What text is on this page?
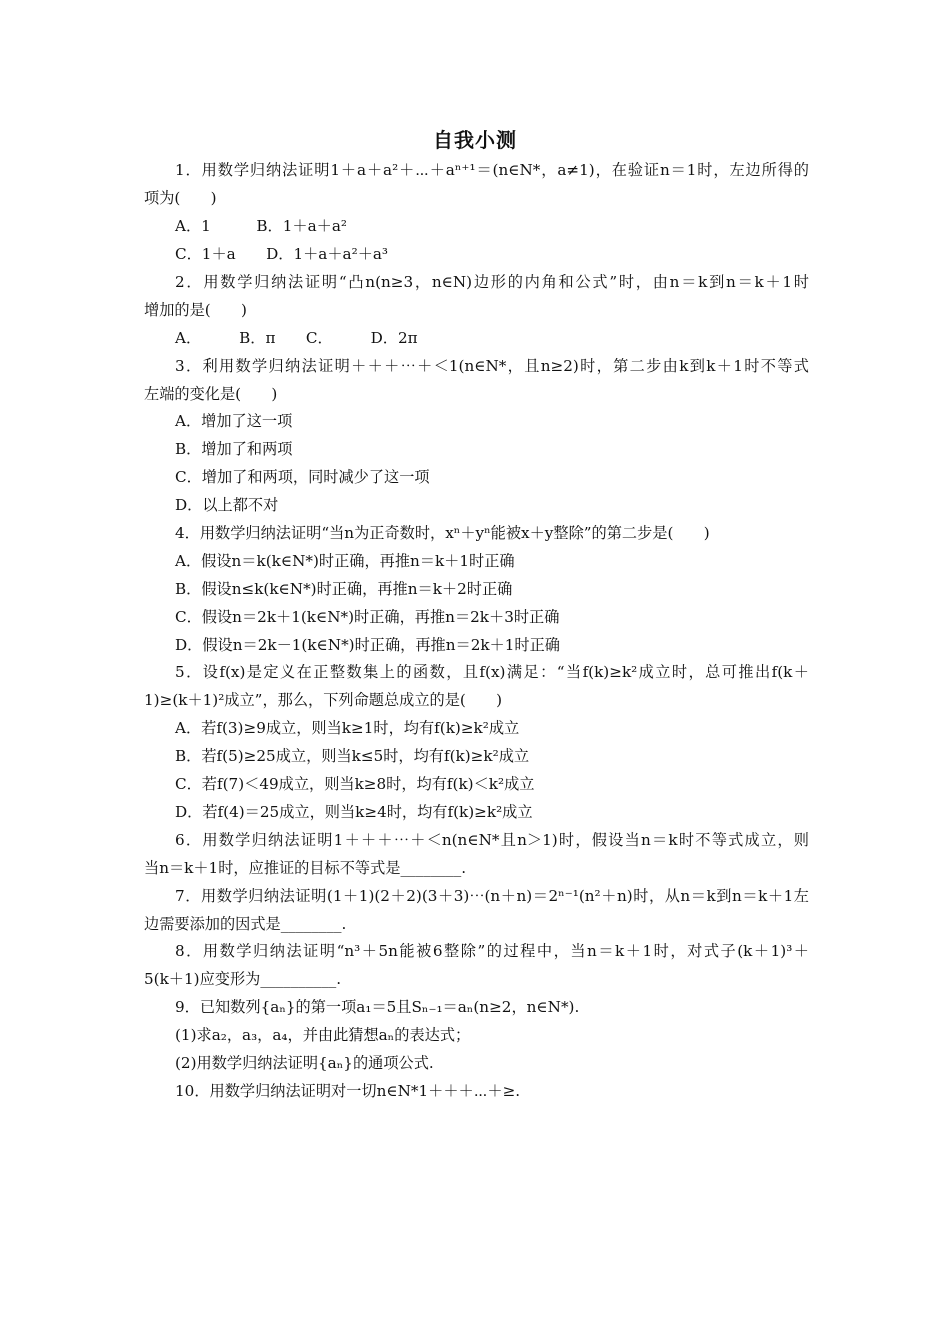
自我小测
1．用数学归纳法证明1＋a＋a²＋⋯＋aⁿ⁺¹＝(n∈N*，a≠1)，在验证n＝1时，左边所得的
项为(　　)
A．1　　　B．1＋a＋a²
C．1＋a　　D．1＋a＋a²＋a³
2．用数学归纳法证明“凸n(n≥3，n∈N)边形的内角和公式”时，由n＝k到n＝k＋1时
增加的是(　　)
A．　　　B．π　　C．　　　D．2π
3．利用数学归纳法证明＋＋＋⋯＋＜1(n∈N*，且n≥2)时，第二步由k到k＋1时不等式
左端的变化是(　　)
A．增加了这一项
B．增加了和两项
C．增加了和两项，同时减少了这一项
D．以上都不对
4．用数学归纳法证明“当n为正奇数时，xⁿ＋yⁿ能被x＋y整除”的第二步是(　　)
A．假设n＝k(k∈N*)时正确，再推n＝k＋1时正确
B．假设n≤k(k∈N*)时正确，再推n＝k＋2时正确
C．假设n＝2k＋1(k∈N*)时正确，再推n＝2k＋3时正确
D．假设n＝2k－1(k∈N*)时正确，再推n＝2k＋1时正确
5．设f(x)是定义在正整数集上的函数，且f(x)满足：“当f(k)≥k²成立时，总可推出f(k＋
1)≥(k＋1)²成立”，那么，下列命题总成立的是(　　)
A．若f(3)≥9成立，则当k≥1时，均有f(k)≥k²成立
B．若f(5)≥25成立，则当k≤5时，均有f(k)≥k²成立
C．若f(7)＜49成立，则当k≥8时，均有f(k)＜k²成立
D．若f(4)＝25成立，则当k≥4时，均有f(k)≥k²成立
6．用数学归纳法证明1＋＋＋⋯＋＜n(n∈N*且n＞1)时，假设当n＝k时不等式成立，则
当n＝k＋1时，应推证的目标不等式是________.
7．用数学归纳法证明(1＋1)(2＋2)(3＋3)⋯(n＋n)＝2ⁿ⁻¹(n²＋n)时，从n＝k到n＝k＋1左
边需要添加的因式是________.
8．用数学归纳法证明“n³＋5n能被6整除”的过程中，当n＝k＋1时，对式子(k＋1)³＋
5(k＋1)应变形为__________.
9．已知数列{aₙ}的第一项a₁＝5且Sₙ₋₁＝aₙ(n≥2，n∈N*).
(1)求a₂，a₃，a₄，并由此猜想aₙ的表达式；
(2)用数学归纳法证明{aₙ}的通项公式.
10．用数学归纳法证明对一切n∈N*1＋＋＋⋯＋≥.
